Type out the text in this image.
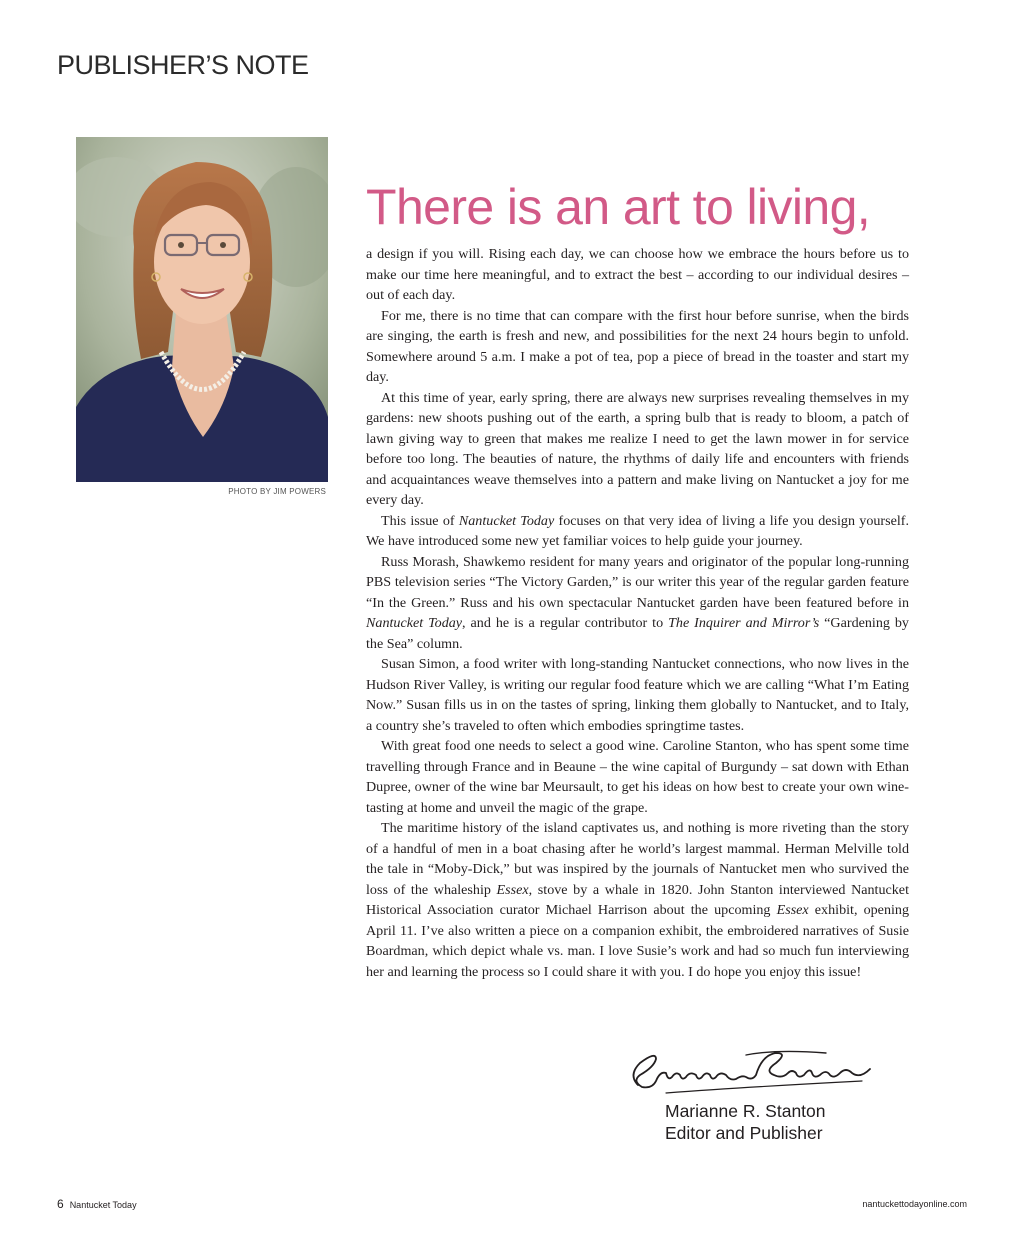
PUBLISHER’S NOTE
PHOTO BY JIM POWERS
There is an art to living,

a design if you will. Rising each day, we can choose how we embrace the hours before us to make our time here meaningful, and to extract the best – according to our individual desires – out of each day.

For me, there is no time that can compare with the first hour before sunrise, when the birds are singing, the earth is fresh and new, and possibilities for the next 24 hours begin to unfold. Somewhere around 5 a.m. I make a pot of tea, pop a piece of bread in the toaster and start my day.

At this time of year, early spring, there are always new surprises revealing themselves in my gardens: new shoots pushing out of the earth, a spring bulb that is ready to bloom, a patch of lawn giving way to green that makes me realize I need to get the lawn mower in for service before too long. The beauties of nature, the rhythms of daily life and encounters with friends and acquaintances weave themselves into a pattern and make living on Nantucket a joy for me every day.

This issue of Nantucket Today focuses on that very idea of living a life you design yourself. We have introduced some new yet familiar voices to help guide your journey.

Russ Morash, Shawkemo resident for many years and originator of the popular long-running PBS television series “The Victory Garden,” is our writer this year of the regular garden feature “In the Green.” Russ and his own spectacular Nantucket garden have been featured before in Nantucket Today, and he is a regular contributor to The Inquirer and Mirror’s “Gardening by the Sea” column.

Susan Simon, a food writer with long-standing Nantucket connections, who now lives in the Hudson River Valley, is writing our regular food feature which we are calling “What I’m Eating Now.” Susan fills us in on the tastes of spring, linking them globally to Nantucket, and to Italy, a country she’s traveled to often which embodies springtime tastes.

With great food one needs to select a good wine. Caroline Stanton, who has spent some time travelling through France and in Beaune – the wine capital of Burgundy – sat down with Ethan Dupree, owner of the wine bar Meursault, to get his ideas on how best to create your own wine-tasting at home and unveil the magic of the grape.

The maritime history of the island captivates us, and nothing is more riveting than the story of a handful of men in a boat chasing after he world’s largest mammal. Herman Melville told the tale in “Moby-Dick,” but was inspired by the journals of Nantucket men who survived the loss of the whaleship Essex, stove by a whale in 1820. John Stanton interviewed Nantucket Historical Association curator Michael Harrison about the upcoming Essex exhibit, opening April 11. I’ve also written a piece on a companion exhibit, the embroidered narratives of Susie Boardman, which depict whale vs. man. I love Susie’s work and had so much fun interviewing her and learning the process so I could share it with you. I do hope you enjoy this issue!

Marianne R. Stanton
Editor and Publisher
6 Nantucket Today	nantuckettodayonline.com
